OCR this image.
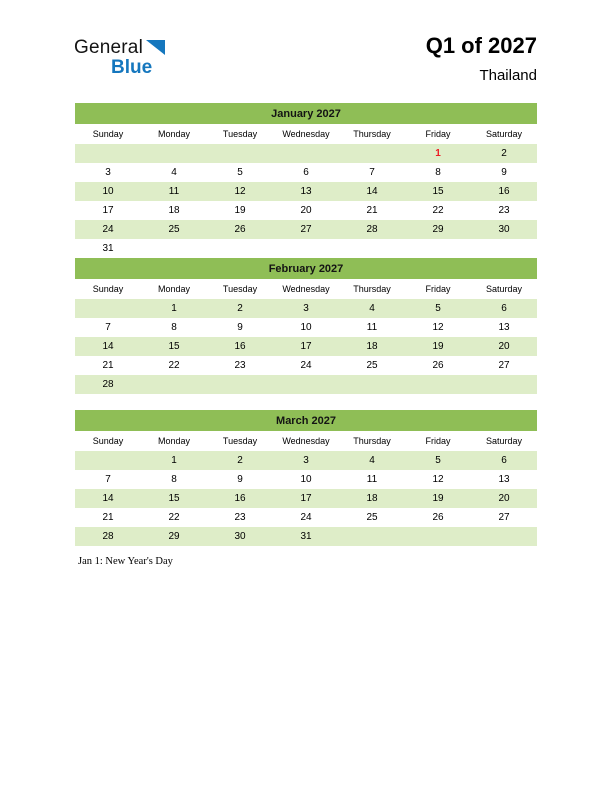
General
Blue
Q1 of 2027
Thailand
January 2027						
Sunday	Monday	Tuesday	Wednesday	Thursday	Friday	Saturday
					1	2
3	4	5	6	7	8	9
10	11	12	13	14	15	16
17	18	19	20	21	22	23
24	25	26	27	28	29	30
31						
February 2027						
Sunday	Monday	Tuesday	Wednesday	Thursday	Friday	Saturday
	1	2	3	4	5	6
7	8	9	10	11	12	13
14	15	16	17	18	19	20
21	22	23	24	25	26	27
28						
March 2027						
Sunday	Monday	Tuesday	Wednesday	Thursday	Friday	Saturday
	1	2	3	4	5	6
7	8	9	10	11	12	13
14	15	16	17	18	19	20
21	22	23	24	25	26	27
28	29	30	31			
Jan 1: New Year's Day
